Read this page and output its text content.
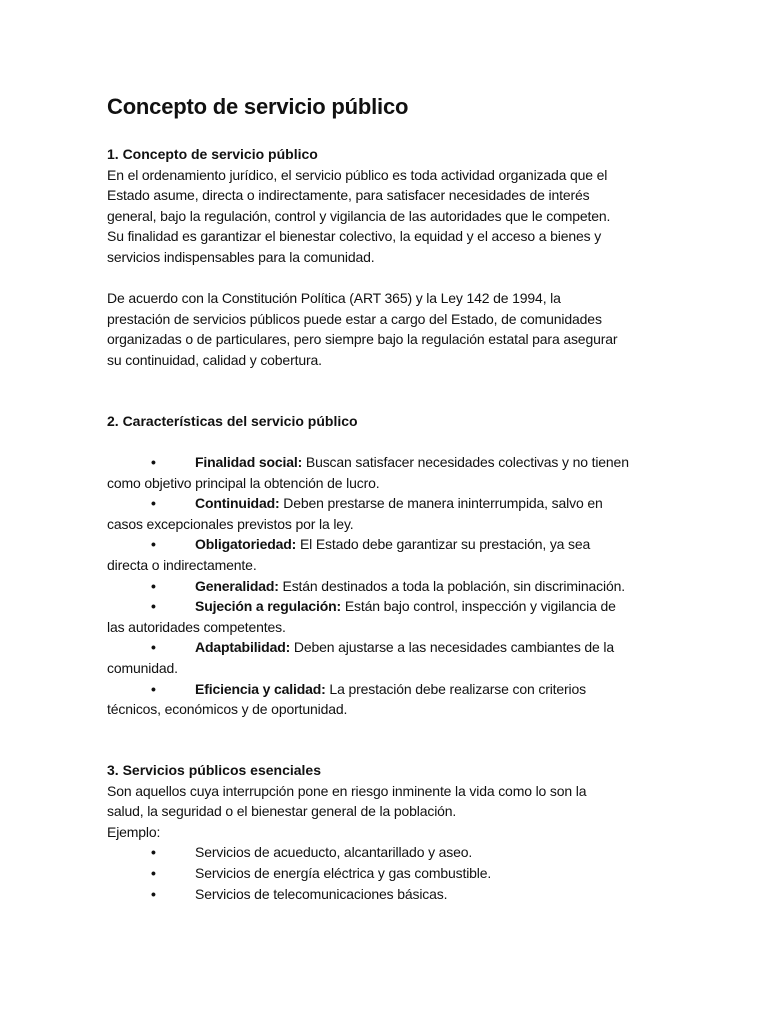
Concepto de servicio público
1. Concepto de servicio público
En el ordenamiento jurídico, el servicio público es toda actividad organizada que el
Estado asume, directa o indirectamente, para satisfacer necesidades de interés
general, bajo la regulación, control y vigilancia de las autoridades que le competen.
Su finalidad es garantizar el bienestar colectivo, la equidad y el acceso a bienes y
servicios indispensables para la comunidad.
De acuerdo con la Constitución Política (ART 365) y la Ley 142 de 1994, la
prestación de servicios públicos puede estar a cargo del Estado, de comunidades
organizadas o de particulares, pero siempre bajo la regulación estatal para asegurar
su continuidad, calidad y cobertura.
2. Características del servicio público
•	Finalidad social: Buscan satisfacer necesidades colectivas y no tienen
como objetivo principal la obtención de lucro.
•	Continuidad: Deben prestarse de manera ininterrumpida, salvo en
casos excepcionales previstos por la ley.
•	Obligatoriedad: El Estado debe garantizar su prestación, ya sea
directa o indirectamente.
•	Generalidad: Están destinados a toda la población, sin discriminación.
•	Sujeción a regulación: Están bajo control, inspección y vigilancia de
las autoridades competentes.
•	Adaptabilidad: Deben ajustarse a las necesidades cambiantes de la
comunidad.
•	Eficiencia y calidad: La prestación debe realizarse con criterios
técnicos, económicos y de oportunidad.
3. Servicios públicos esenciales
Son aquellos cuya interrupción pone en riesgo inminente la vida como lo son la
salud, la seguridad o el bienestar general de la población.
Ejemplo:
•	Servicios de acueducto, alcantarillado y aseo.
•	Servicios de energía eléctrica y gas combustible.
•	Servicios de telecomunicaciones básicas.
